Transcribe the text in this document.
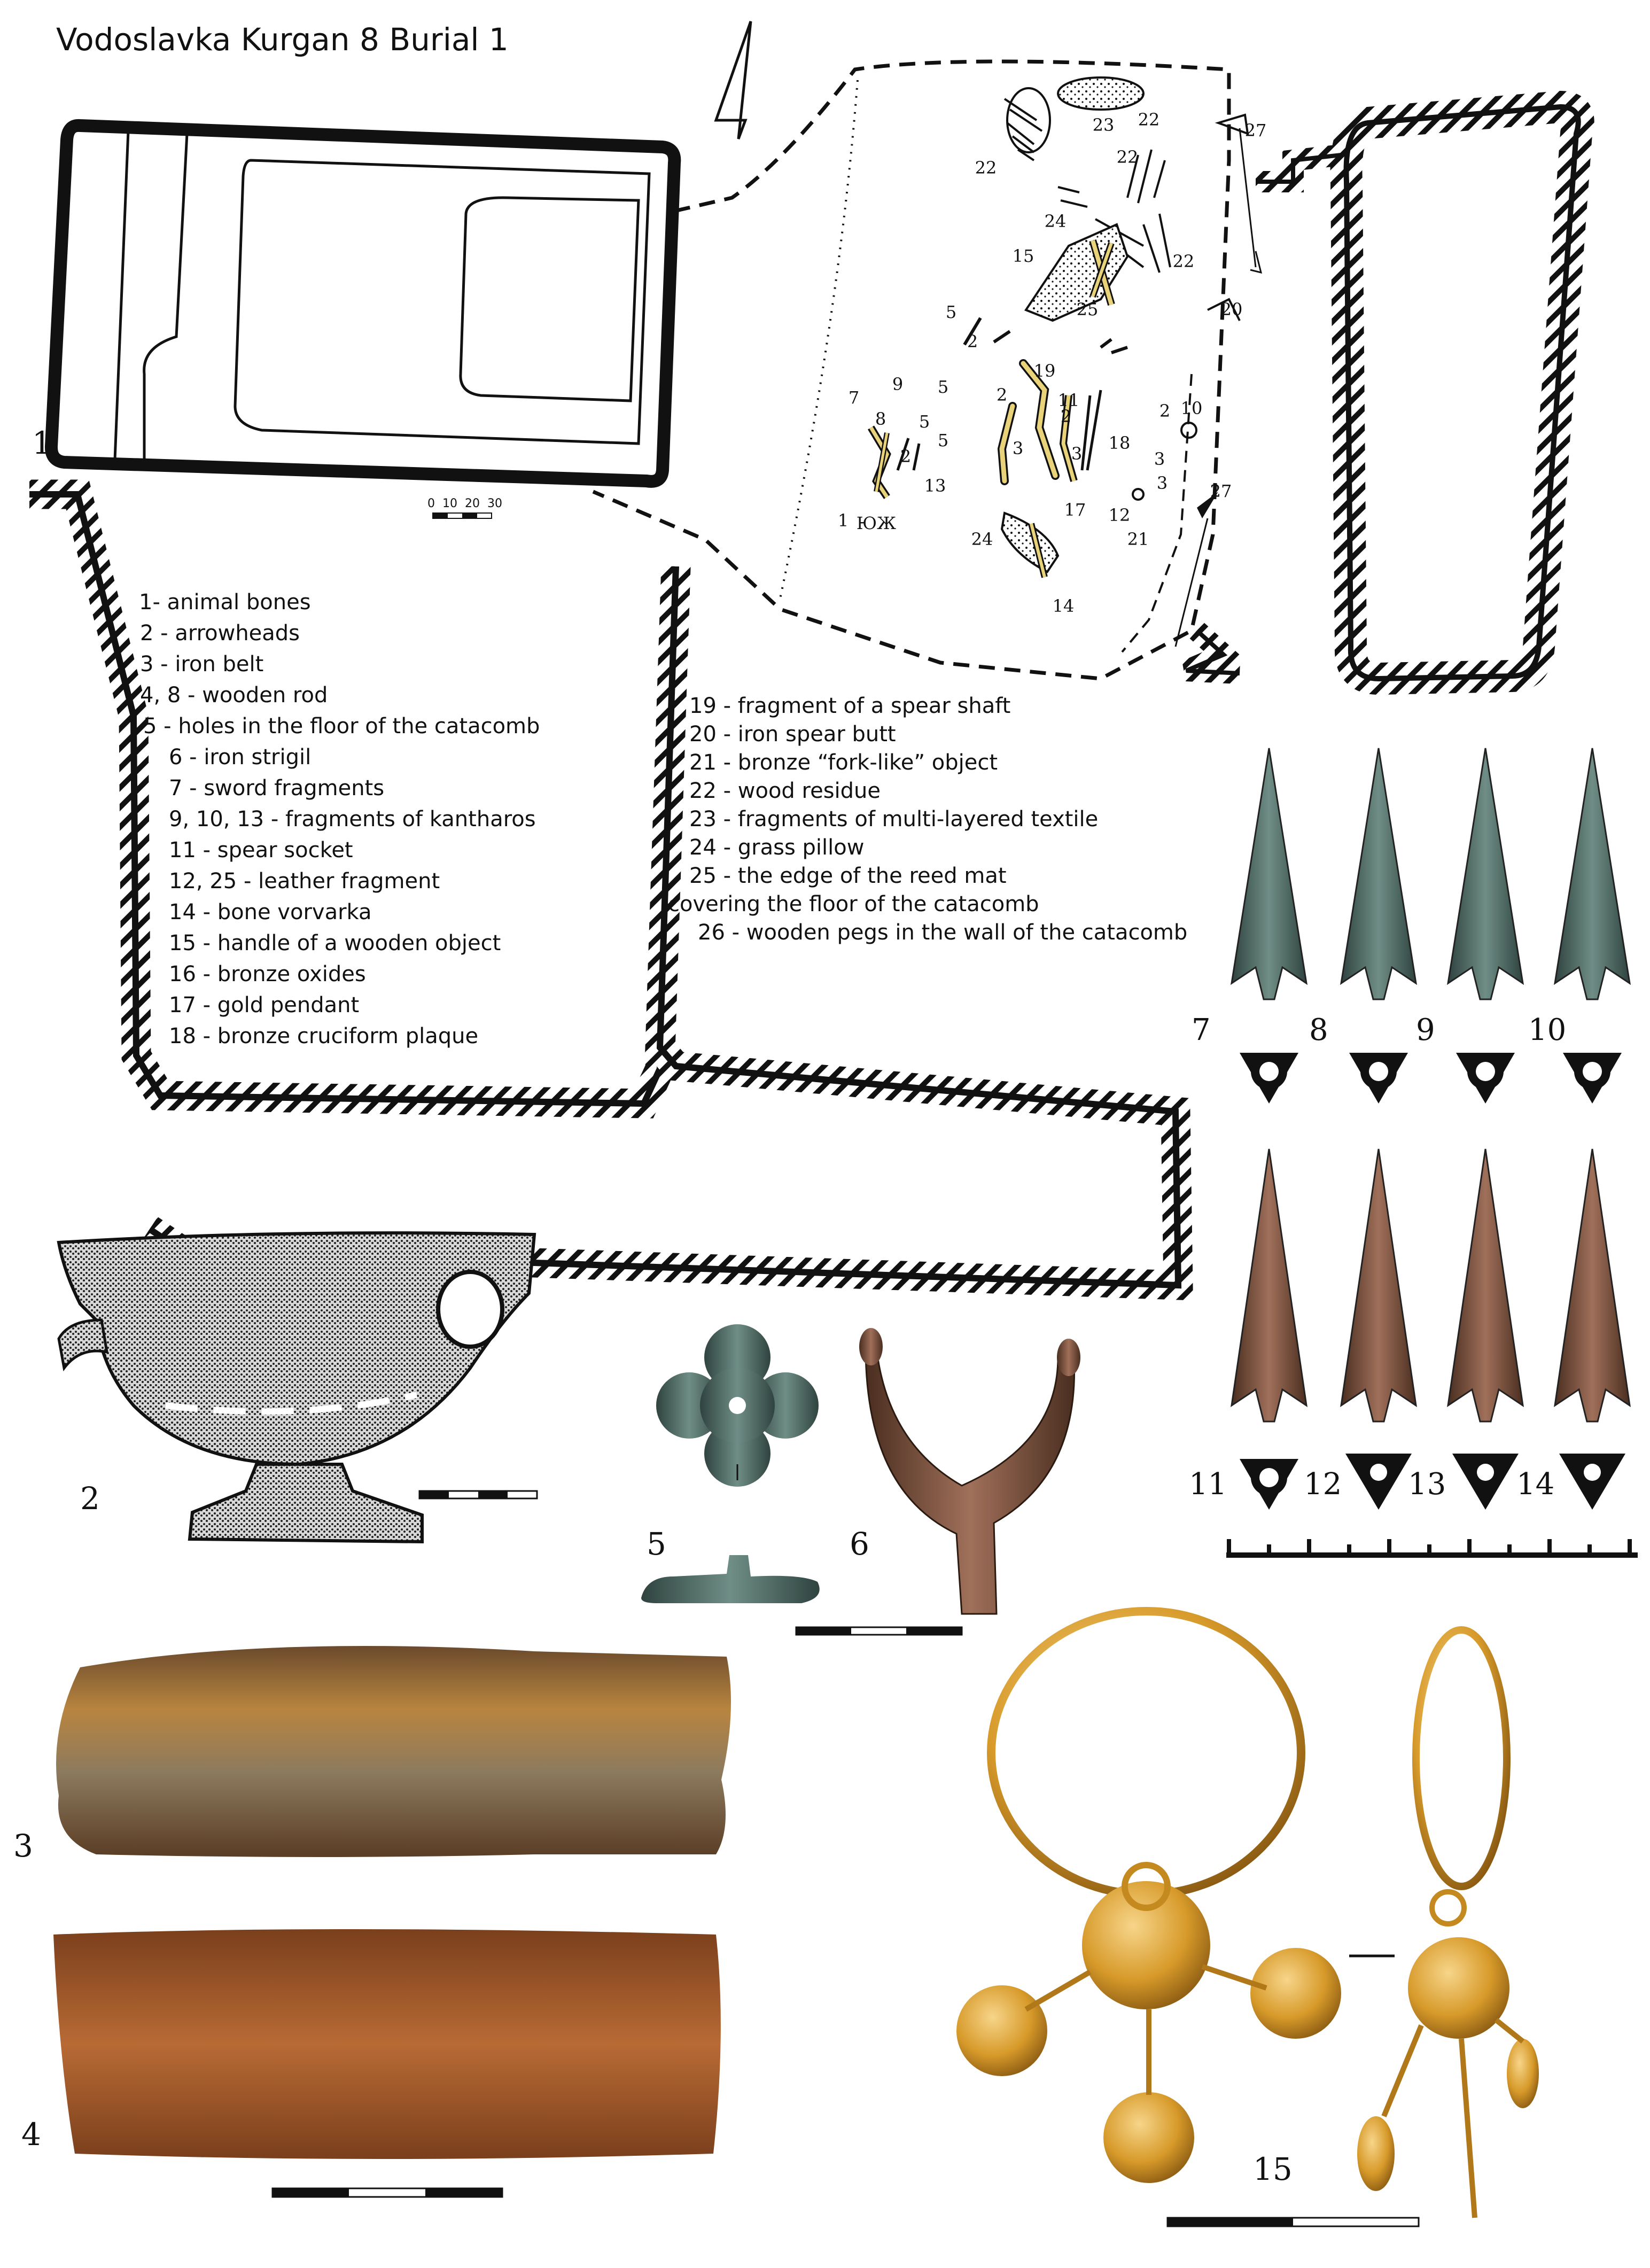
Vodoslavka Kurgan 8 Burial 1
1
2
2
2
2	2
3	3	3
3
5
5
5
5
7
8
9
10
11
12
13
14
15
17
18
19
20
21
22
22
22
22
23
24
24
25
27
27
ЮЖ
0 10 20 30
1- animal bones
2 - arrowheads
3 - iron belt
4, 8 - wooden rod
5 - holes in the floor of the catacomb
6 - iron strigil
7 - sword fragments
9, 10, 13 - fragments of kantharos
11 - spear socket
12, 25 - leather fragment
14 - bone vorvarka
15 - handle of a wooden object
16 - bronze oxides
17 - gold pendant
18 - bronze cruciform plaque
19 - fragment of a spear shaft
20 - iron spear butt
21 - bronze “fork-like” object
22 - wood residue
23 - fragments of multi-layered textile
24 - grass pillow
25 - the edge of the reed mat
covering the floor of the catacomb
26 - wooden pegs in the wall of the catacomb
1
2
3
4
5	6
15
7	8	9	10
11	12 13 14
